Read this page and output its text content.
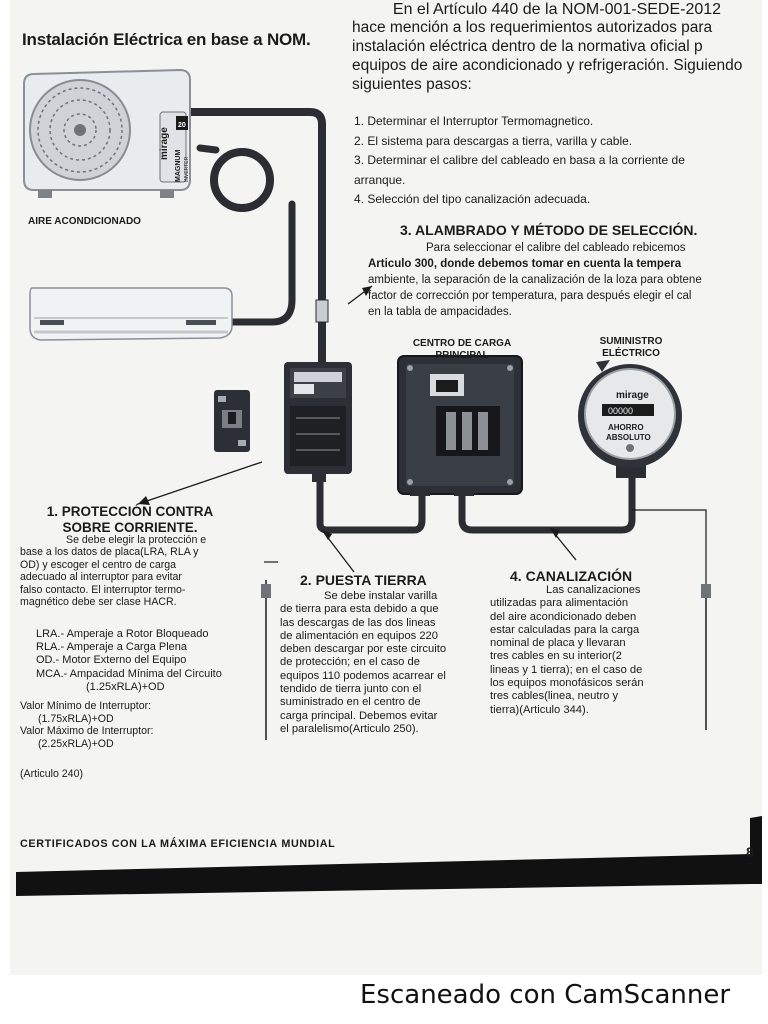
mirage
MAGNUM INVERTER
20
mirage
00000
AHORRO
ABSOLUTO
Instalación Eléctrica en base a NOM.
En el Artículo 440 de la NOM-001-SEDE-2012
hace mención a los requerimientos autorizados para
instalación eléctrica dentro de la normativa oficial p
equipos de aire acondicionado y refrigeración. Siguiendo
siguientes pasos:
1. Determinar el Interruptor Termomagnetico.
2. El sistema para descargas a tierra, varilla y cable.
3. Determinar el calibre del cableado en basa a la corriente de
arranque.
4. Selección del tipo canalización adecuada.
AIRE ACONDICIONADO
3. ALAMBRADO Y MÉTODO DE SELECCIÓN.
Para seleccionar el calibre del cableado rebicemos
Articulo 300, donde debemos tomar en cuenta la tempera
ambiente, la separación de la canalización de la loza para obtene
factor de corrección por temperatura, para después elegir el cal
en la tabla de ampacidades.
CENTRO DE CARGA
PRINCIPAL
SUMINISTRO
ELÉCTRICO
1. PROTECCIÓN CONTRA
SOBRE CORRIENTE.
Se debe elegir la protección e
base a los datos de placa(LRA, RLA y
OD) y escoger el centro de carga
adecuado al interruptor para evitar
falso contacto. El interruptor termo-
magnético debe ser clase HACR.
LRA.- Amperaje a Rotor Bloqueado
RLA.- Amperaje a Carga Plena
OD.- Motor Externo del Equipo
MCA.- Ampacidad Mínima del Circuito
(1.25xRLA)+OD
Valor Mínimo de Interruptor:
(1.75xRLA)+OD
Valor Máximo de Interruptor:
(2.25xRLA)+OD
(Articulo 240)
2. PUESTA TIERRA
Se debe instalar varilla
de tierra para esta debido a que
las descargas de las dos lineas
de alimentación en equipos 220
deben descargar por este circuito
de protección; en el caso de
equipos 110 podemos acarrear el
tendido de tierra junto con el
suministrado en el centro de
carga principal. Debemos evitar
el paralelismo(Articulo 250).
4. CANALIZACIÓN
Las canalizaciones
utilizadas para alimentación
del aire acondicionado deben
estar calculadas para la carga
nominal de placa y llevaran
tres cables en su interior(2
lineas y 1 tierra); en el caso de
los equipos monofásicos serán
tres cables(linea, neutro y
tierra)(Articulo 344).
CERTIFICADOS CON LA MÁXIMA EFICIENCIA MUNDIAL	8
Escaneado con CamScanner
